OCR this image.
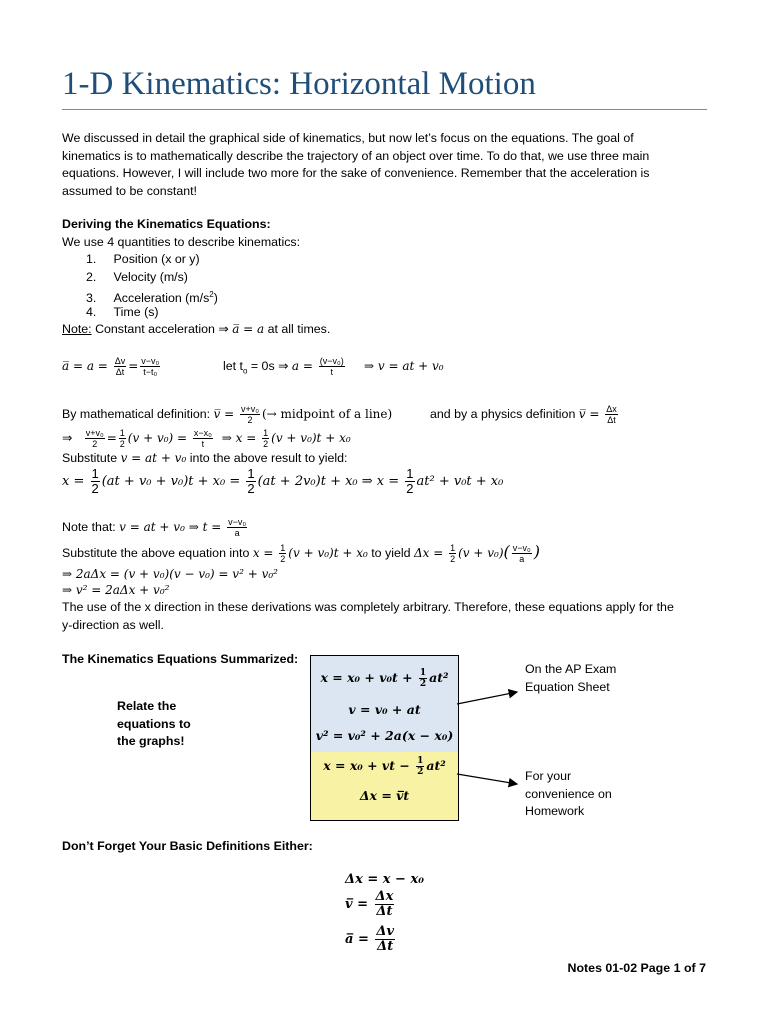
1-D Kinematics: Horizontal Motion
We discussed in detail the graphical side of kinematics, but now let’s focus on the equations. The goal of
kinematics is to mathematically describe the trajectory of an object over time. To do that, we use three main
equations. However, I will include two more for the sake of convenience. Remember that the acceleration is
assumed to be constant!
Deriving the Kinematics Equations:
We use 4 quantities to describe kinematics:
1.     Position (x or y)
2.     Velocity (m/s)
3.     Acceleration $(m/s^2)$
4.     Time (s)
Note: Constant acceleration ⇒ a̅ = a at all times.
a̅ = $a = \frac{\Delta v}{\Delta t} = \frac{\text{v−v₀}}{\text{t−t₀}}$	let $t_o = 0s$ ⇒ $a = \frac{\text{(v−v₀)}}{t}$ ⇒ v = at + v₀
By mathematical definition: v̅ = $\frac{\text{v+v₀}}{2}$ (→ midpoint of a line)	and by a physics definition v̅ = $\frac{\Delta x}{\Delta t}$
⇒ $\frac{\text{v+v₀}}{2} = \frac{1}{2} (v + v_0) = \frac{\text{x−x₀}}{t}$ ⇒ $x = \frac{1}{2} (v + v_0)t + x_0$
Substitute v = at + v₀ into the above result to yield:
$x = \frac{1}{2} (at + v_0 + v_0)t + x_0 = \frac{1}{2} (at + 2v_0)t + x_0$ ⇒ $x = \frac{1}{2} at^2 + v_0t + x_0$
Note that: v = at + v₀ ⇒ $t = \frac{\text{v−v₀}}{a}$
Substitute the above equation into $x = \frac{1}{2} (v + v_0)t + x_0$ to yield $\Delta x = \frac{1}{2} (v + v_0)( \frac{\text{v−v₀}}{a}$ )
⇒ 2aΔx = (v + v₀)(v − v₀) = v² + v₀²
⇒ v² = 2aΔx + v₀²
The use of the x direction in these derivations was completely arbitrary. Therefore, these equations apply for the
y-direction as well.
The Kinematics Equations Summarized:
Relate the equations to the graphs!
$x = x_0 + v_0t + \frac{1}{2} at^2$
v = v₀ + at
v² = v₀² + 2a(x − x₀)
x = x₀ + vt − $\frac{1}{2} at^2$
Δx = v̅t
On the AP Exam Equation Sheet
For your convenience on Homework
Don’t Forget Your Basic Definitions Either:
Δx = x − x₀
v̅ = $\frac{\Delta x}{\Delta t}$
a̅ = $\frac{\Delta v}{\Delta t}$
Notes 01-02 Page 1 of 7
